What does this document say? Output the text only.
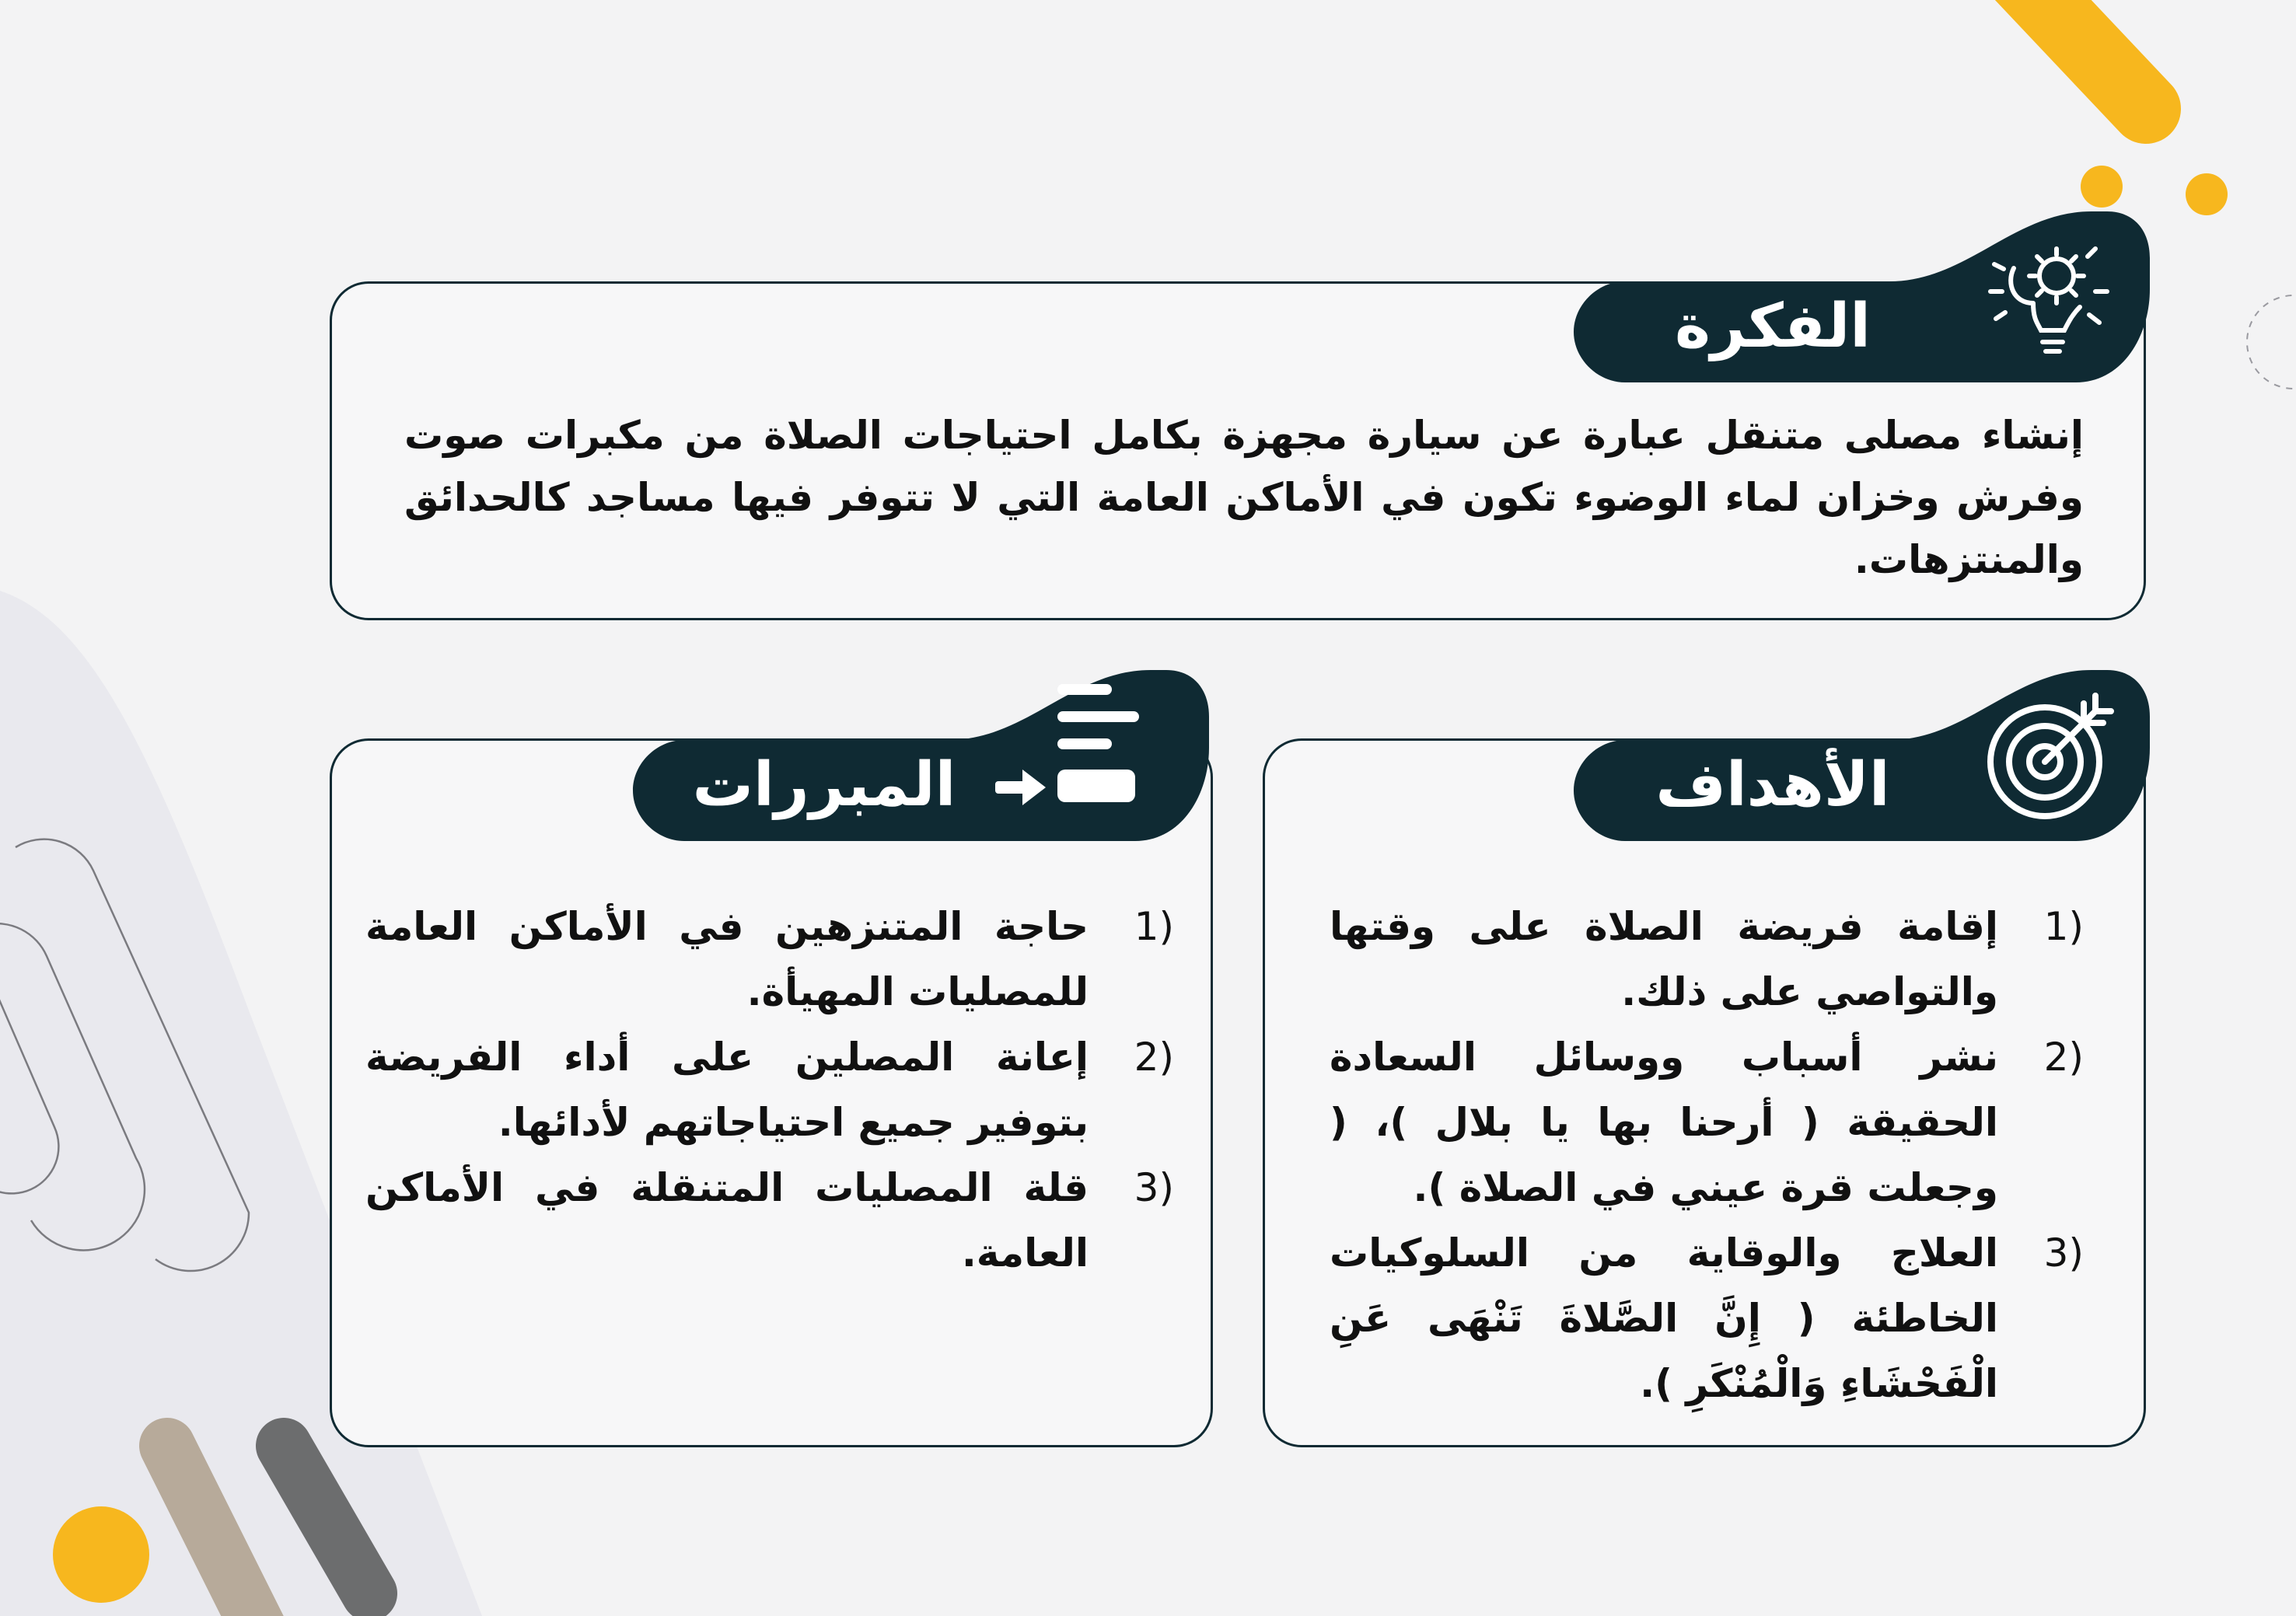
الفكرة
إنشاء مصلى متنقل عبارة عن سيارة مجهزة بكامل احتياجات الصلاة من مكبرات صوت وفرش وخزان لماء الوضوء تكون في الأماكن العامة التي لا تتوفر فيها مساجد كالحدائق والمنتزهات.
الأهداف
1)
إقامة فريضة الصلاة على وقتها والتواصي على ذلك.
2)
نشر أسباب ووسائل السعادة الحقيقة ( أرحنا بها يا بلال )، ( وجعلت قرة عيني في الصلاة ).
3)
العلاج والوقاية من السلوكيات الخاطئة ( إِنَّ الصَّلاةَ تَنْهَى عَنِ الْفَحْشَاءِ وَالْمُنْكَرِ ).
المبررات
1)
حاجة المتنزهين في الأماكن العامة للمصليات المهيأة.
2)
إعانة المصلين على أداء الفريضة بتوفير جميع احتياجاتهم لأدائها.
3)
قلة المصليات المتنقلة في الأماكن العامة.
